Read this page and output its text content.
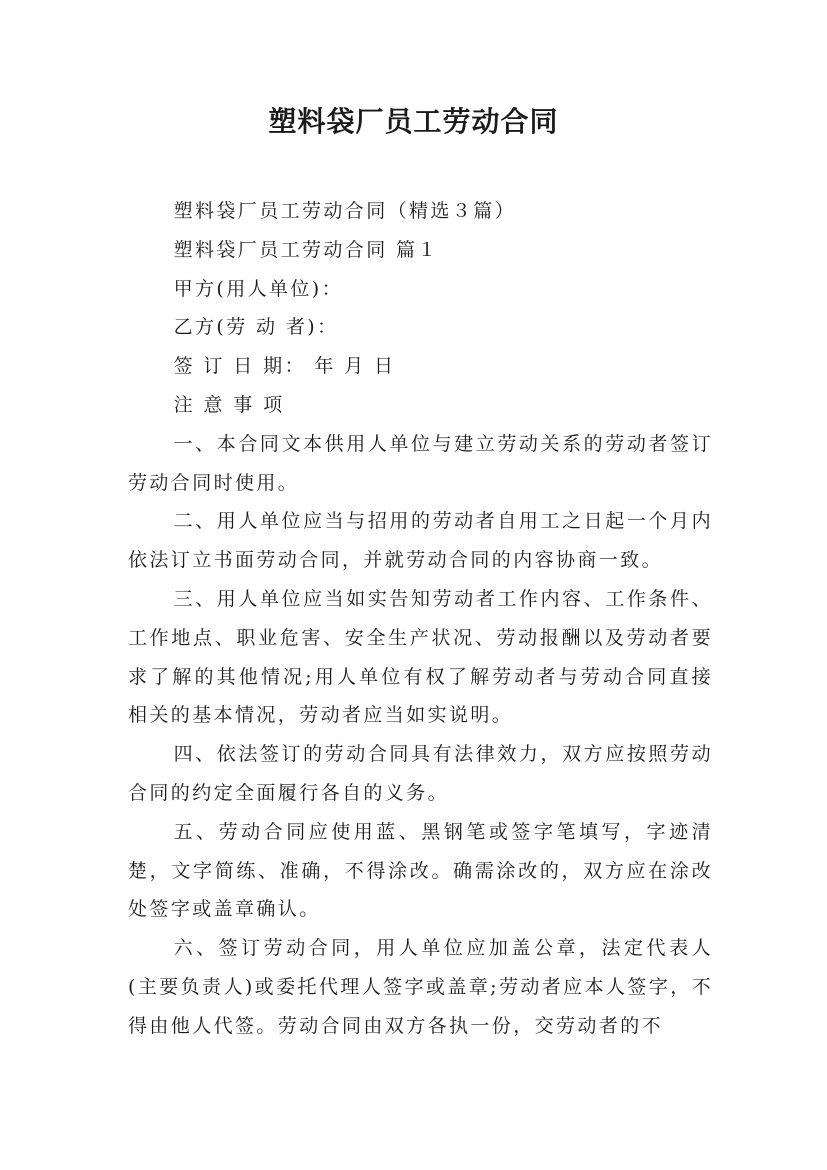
塑料袋厂员工劳动合同

塑料袋厂员工劳动合同（精选３篇）

塑料袋厂员工劳动合同 篇１

甲方(用人单位)：

乙方(劳 动 者)：

签 订 日 期： 年 月 日

注 意 事 项

一、本合同文本供用人单位与建立劳动关系的劳动者签订劳动合同时使用。

二、用人单位应当与招用的劳动者自用工之日起一个月内依法订立书面劳动合同，并就劳动合同的内容协商一致。

三、用人单位应当如实告知劳动者工作内容、工作条件、工作地点、职业危害、安全生产状况、劳动报酬以及劳动者要求了解的其他情况;用人单位有权了解劳动者与劳动合同直接相关的基本情况，劳动者应当如实说明。

四、依法签订的劳动合同具有法律效力，双方应按照劳动合同的约定全面履行各自的义务。

五、劳动合同应使用蓝、黑钢笔或签字笔填写，字迹清楚，文字简练、准确，不得涂改。确需涂改的，双方应在涂改处签字或盖章确认。

六、签订劳动合同，用人单位应加盖公章，法定代表人(主要负责人)或委托代理人签字或盖章;劳动者应本人签字，不得由他人代签。劳动合同由双方各执一份，交劳动者的不
